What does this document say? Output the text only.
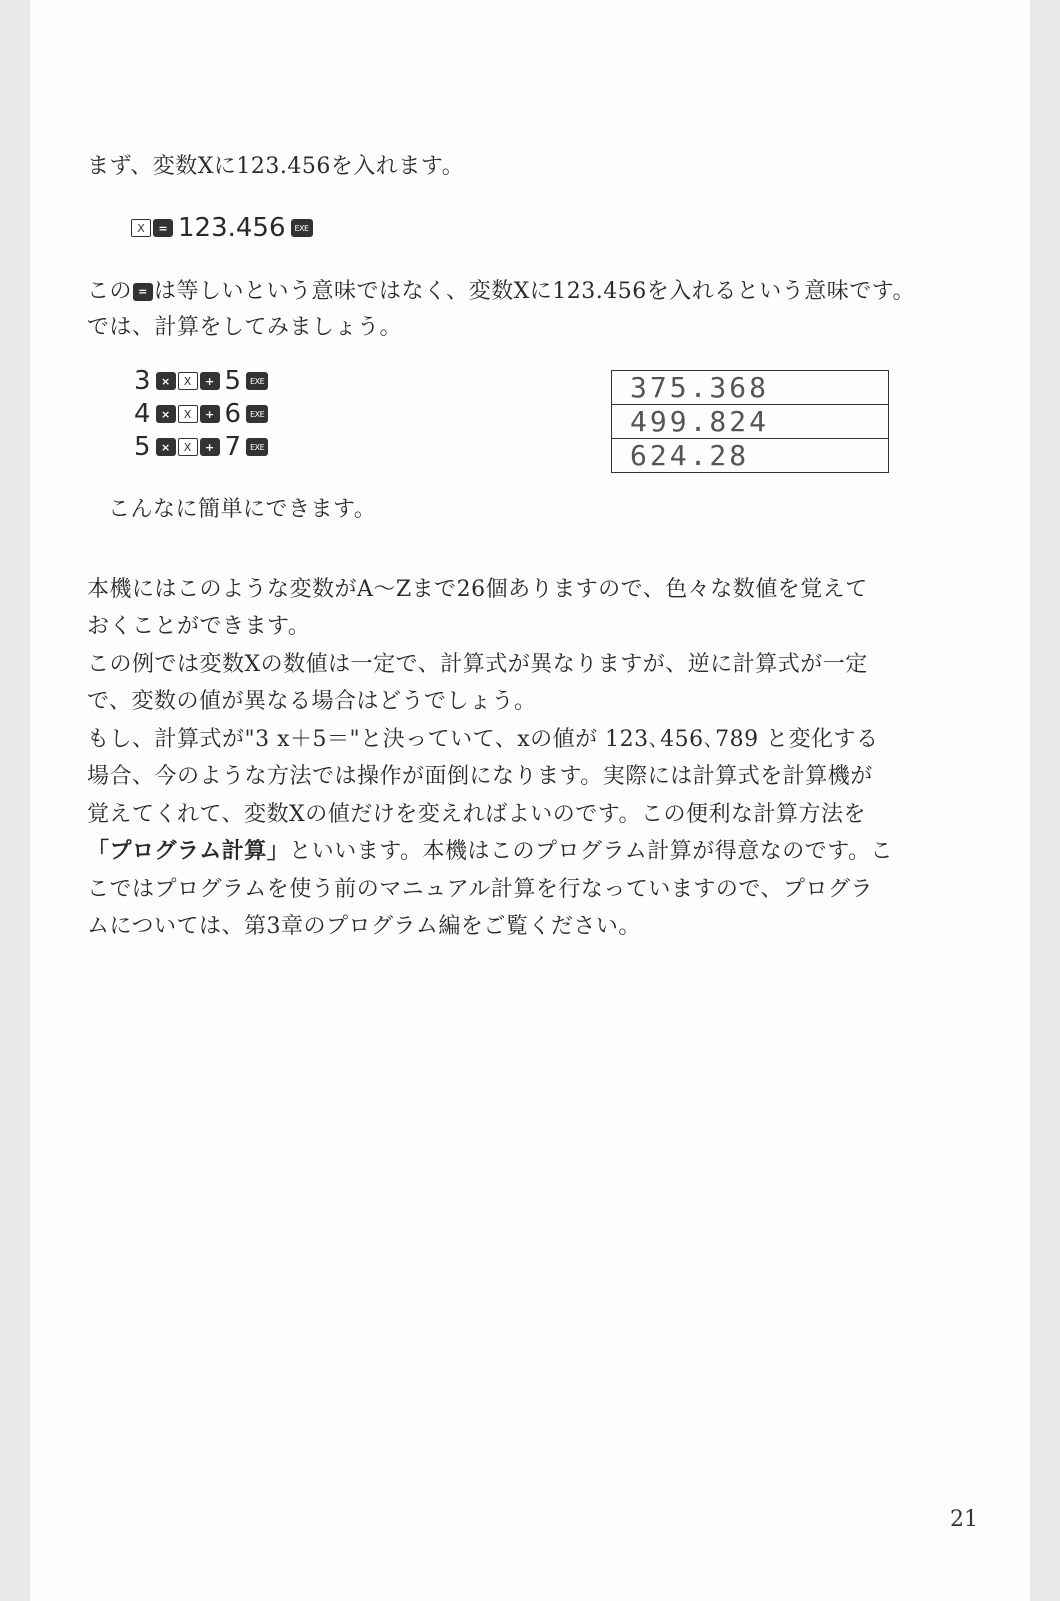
まず、変数Xに123.456を入れます。
X	= 123.456	EXE
この = は等しいという意味ではなく、変数Xに123.456を入れるという意味です。
では、計算をしてみましょう。
3 ×	X	+ 5	EXE
4 ×	X	+ 6	EXE
5 ×	X	+ 7	EXE
375.368
499.824
624.28
こんなに簡単にできます。
本機にはこのような変数がA～Zまで26個ありますので、色々な数値を覚えて
おくことができます。
この例では変数Xの数値は一定で、計算式が異なりますが、逆に計算式が一定
で、変数の値が異なる場合はどうでしょう。
もし、計算式が"3 x＋5＝"と決っていて、xの値が 123､456､789 と変化する
場合、今のような方法では操作が面倒になります。実際には計算式を計算機が
覚えてくれて、変数Xの値だけを変えればよいのです。この便利な計算方法を
「プログラム計算」といいます。本機はこのプログラム計算が得意なのです。こ
こではプログラムを使う前のマニュアル計算を行なっていますので、プログラ
ムについては、第3章のプログラム編をご覧ください。
21
